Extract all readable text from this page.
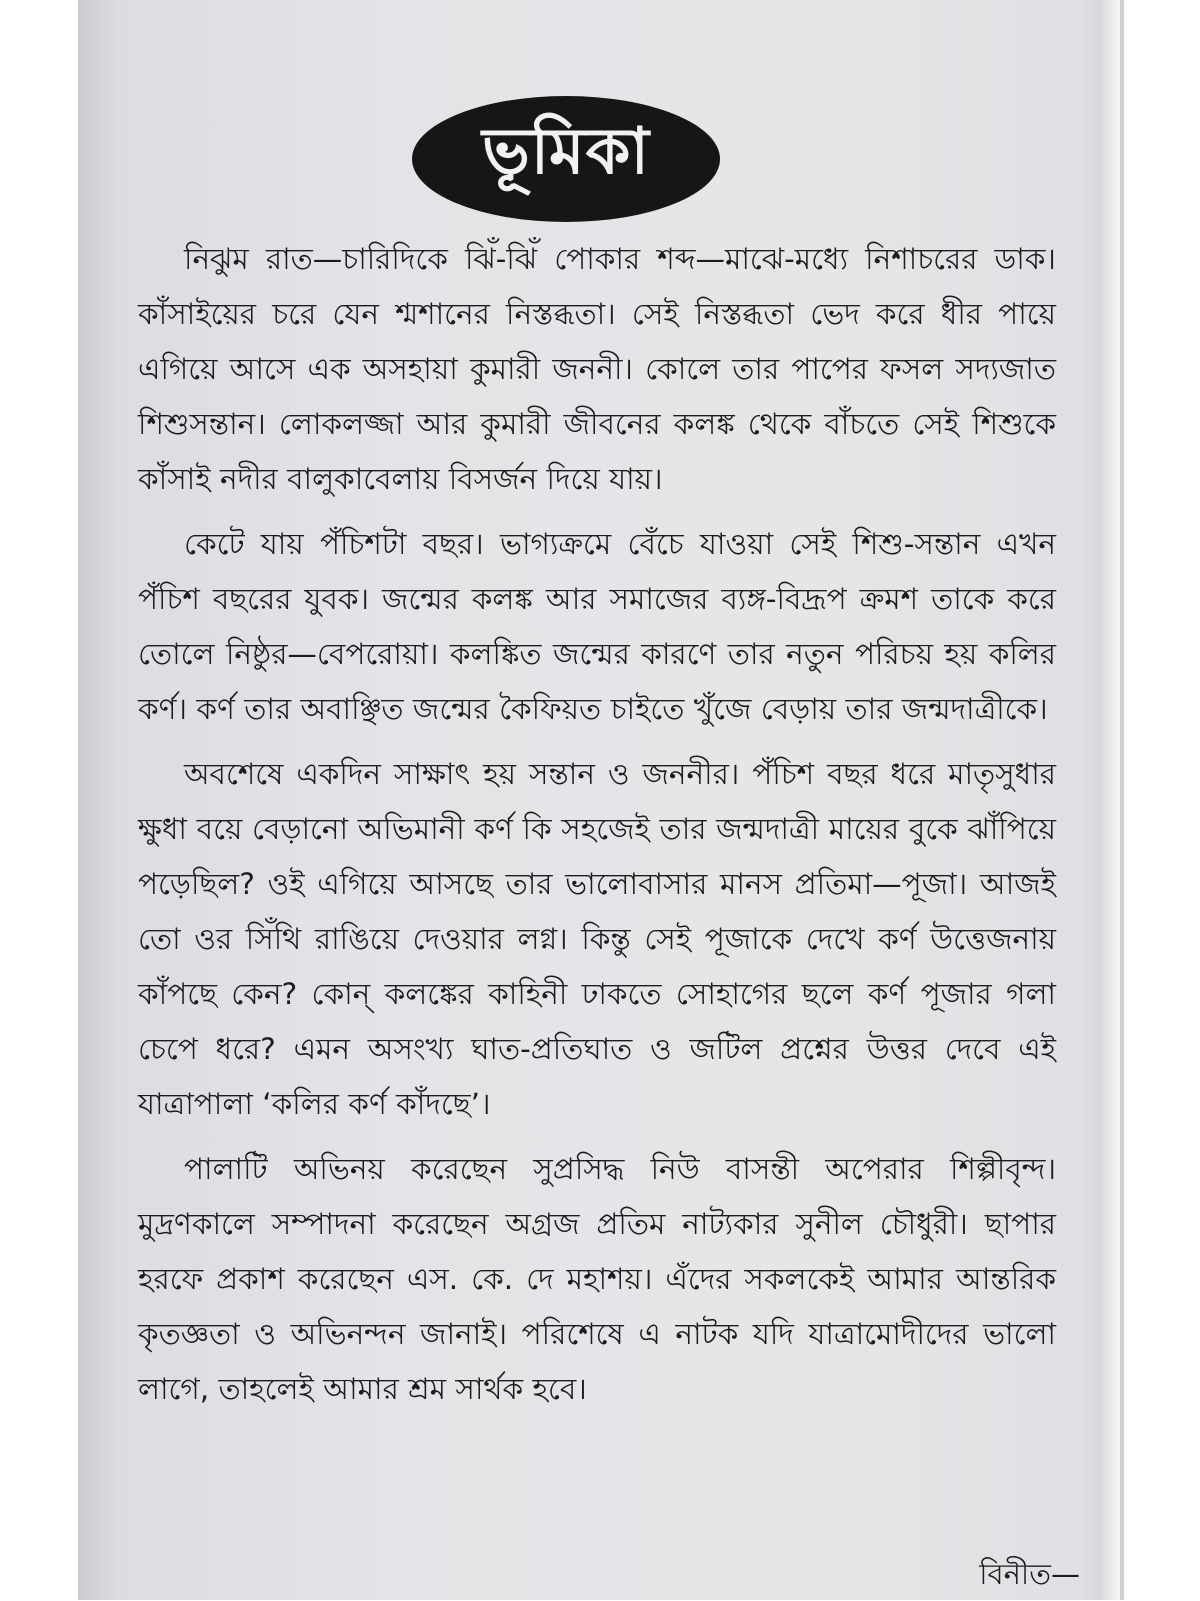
ভূমিকা

নিঝুম রাত—চারিদিকে ঝিঁ-ঝিঁ পোকার শব্দ—মাঝে-মধ্যে নিশাচরের ডাক। কাঁসাইয়ের চরে যেন শ্মশানের নিস্তব্ধতা। সেই নিস্তব্ধতা ভেদ করে ধীর পায়ে এগিয়ে আসে এক অসহায়া কুমারী জননী। কোলে তার পাপের ফসল সদ্যজাত শিশুসন্তান। লোকলজ্জা আর কুমারী জীবনের কলঙ্ক থেকে বাঁচতে সেই শিশুকে কাঁসাই নদীর বালুকাবেলায় বিসর্জন দিয়ে যায়।

কেটে যায় পঁচিশটা বছর। ভাগ্যক্রমে বেঁচে যাওয়া সেই শিশু-সন্তান এখন পঁচিশ বছরের যুবক। জন্মের কলঙ্ক আর সমাজের ব্যঙ্গ-বিদ্রূপ ক্রমশ তাকে করে তোলে নিষ্ঠুর—বেপরোয়া। কলঙ্কিত জন্মের কারণে তার নতুন পরিচয় হয় কলির কর্ণ। কর্ণ তার অবাঞ্ছিত জন্মের কৈফিয়ত চাইতে খুঁজে বেড়ায় তার জন্মদাত্রীকে।

অবশেষে একদিন সাক্ষাৎ হয় সন্তান ও জননীর। পঁচিশ বছর ধরে মাতৃসুধার ক্ষুধা বয়ে বেড়ানো অভিমানী কর্ণ কি সহজেই তার জন্মদাত্রী মায়ের বুকে ঝাঁপিয়ে পড়েছিল? ওই এগিয়ে আসছে তার ভালোবাসার মানস প্রতিমা—পূজা। আজই তো ওর সিঁথি রাঙিয়ে দেওয়ার লগ্ন। কিন্তু সেই পূজাকে দেখে কর্ণ উত্তেজনায় কাঁপছে কেন? কোন্ কলঙ্কের কাহিনী ঢাকতে সোহাগের ছলে কর্ণ পূজার গলা চেপে ধরে? এমন অসংখ্য ঘাত-প্রতিঘাত ও জটিল প্রশ্নের উত্তর দেবে এই যাত্রাপালা ‘কলির কর্ণ কাঁদছে’।

পালাটি অভিনয় করেছেন সুপ্রসিদ্ধ নিউ বাসন্তী অপেরার শিল্পীবৃন্দ। মুদ্রণকালে সম্পাদনা করেছেন অগ্রজ প্রতিম নাট্যকার সুনীল চৌধুরী। ছাপার হরফে প্রকাশ করেছেন এস. কে. দে মহাশয়। এঁদের সকলকেই আমার আন্তরিক কৃতজ্ঞতা ও অভিনন্দন জানাই। পরিশেষে এ নাটক যদি যাত্রামোদীদের ভালো লাগে, তাহলেই আমার শ্রম সার্থক হবে।

বিনীত—
